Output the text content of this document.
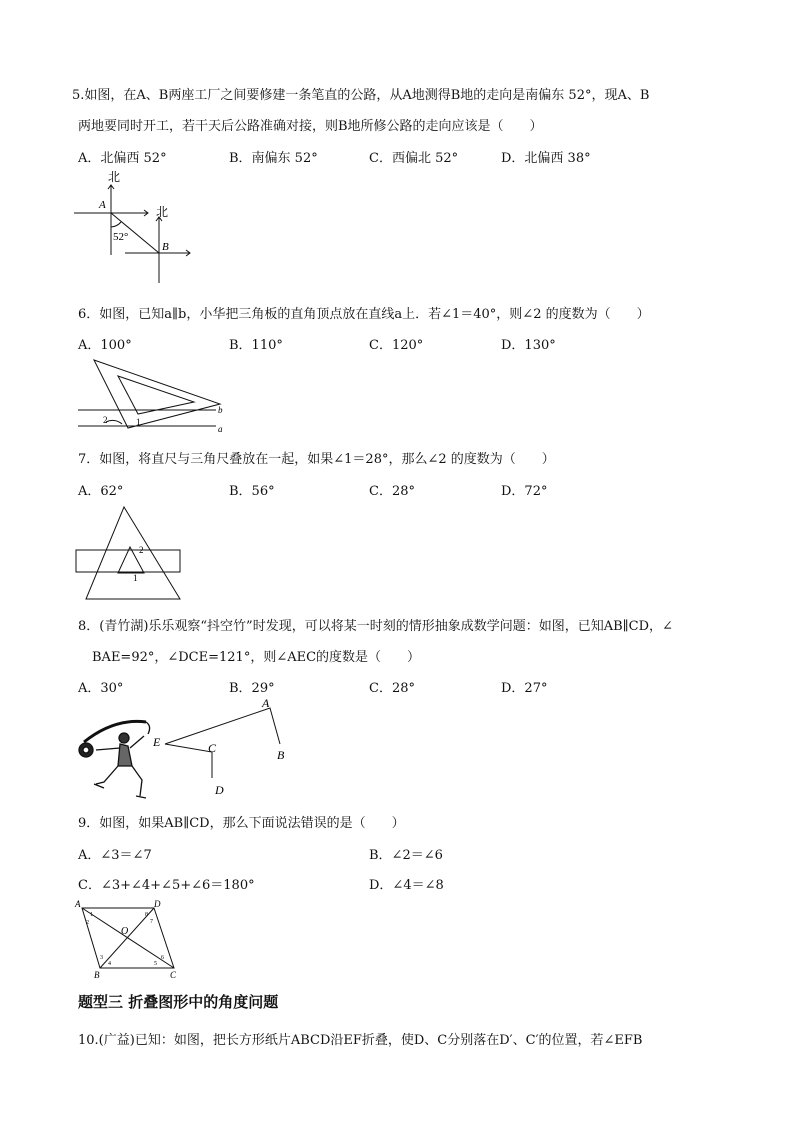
5.如图，在A、B两座工厂之间要修建一条笔直的公路，从A地测得B地的走向是南偏东 52°，现A、B
两地要同时开工，若干天后公路准确对接，则B地所修公路的走向应该是（　　）
A．北偏西 52°	B．南偏东 52°	C．西偏北 52°	D．北偏西 38°
北
北
A
B
52°
6．如图，已知a∥b，小华把三角板的直角顶点放在直线a上．若∠1＝40°，则∠2 的度数为（　　）
A．100°	B．110°	C．120°	D．130°
b
a
1
2
7．如图，将直尺与三角尺叠放在一起，如果∠1＝28°，那么∠2 的度数为（　　）
A．62°	B．56°	C．28°	D．72°
2
1
8．(青竹湖)乐乐观察“抖空竹”时发现，可以将某一时刻的情形抽象成数学问题：如图，已知AB∥CD，∠
BAE=92°，∠DCE=121°，则∠AEC的度数是（　　）
A．30°	B．29°	C．28°	D．27°
A
B
E	C
D
9．如图，如果AB∥CD，那么下面说法错误的是（　　）
A．∠3＝∠7	B．∠2＝∠6
C．∠3+∠4+∠5+∠6＝180°	D．∠4＝∠8
A	D
B	C
O
1
2
3
4	5
6
7
8
题型三 折叠图形中的角度问题
10.(广益)已知：如图，把长方形纸片ABCD沿EF折叠，使D、C分别落在D′、C′的位置，若∠EFB
